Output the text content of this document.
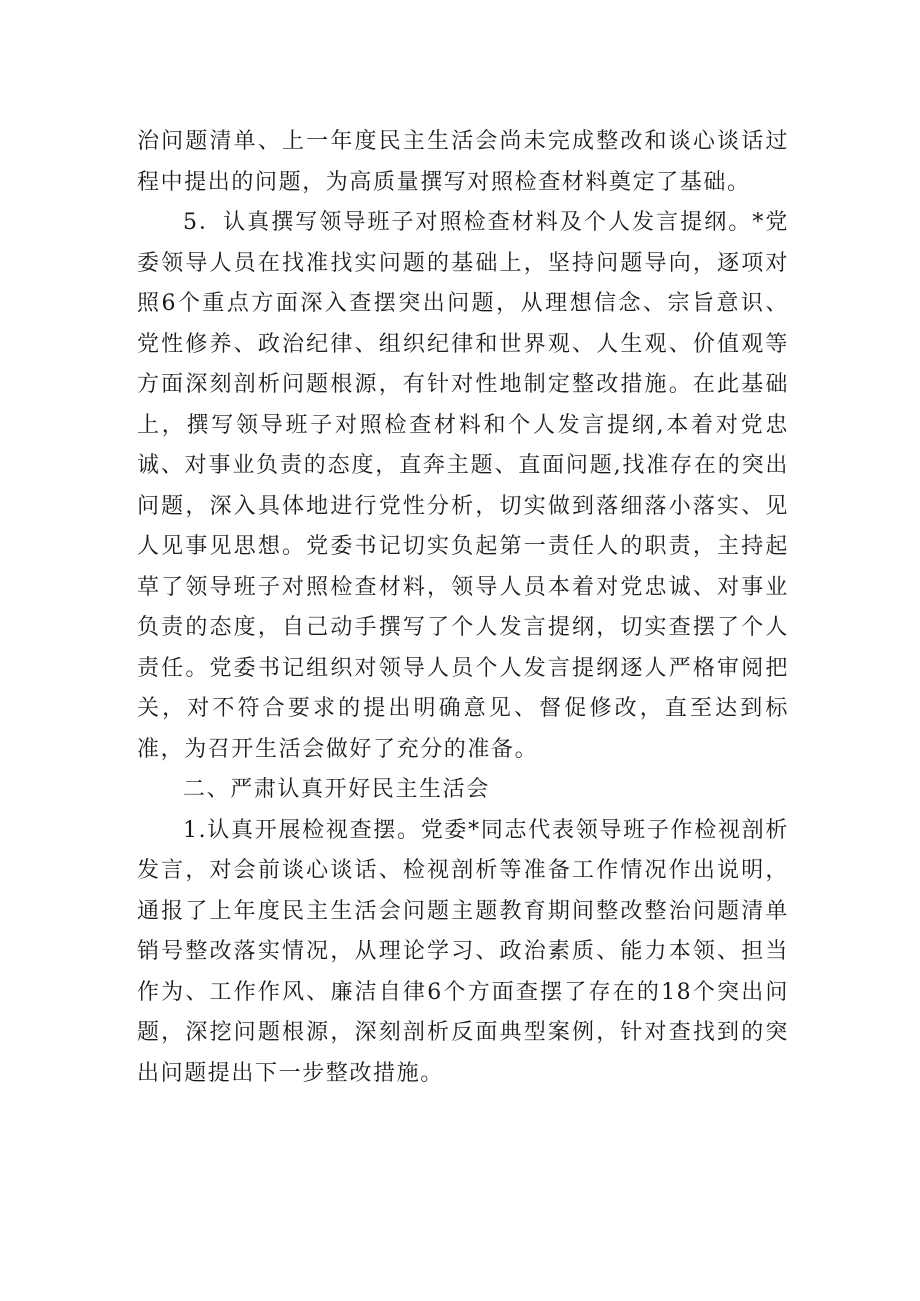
治问题清单、上一年度民主生活会尚未完成整改和谈心谈话过程中提出的问题，为高质量撰写对照检查材料奠定了基础。

5．认真撰写领导班子对照检查材料及个人发言提纲。*党委领导人员在找准找实问题的基础上，坚持问题导向，逐项对照6个重点方面深入查摆突出问题，从理想信念、宗旨意识、党性修养、政治纪律、组织纪律和世界观、人生观、价值观等方面深刻剖析问题根源，有针对性地制定整改措施。在此基础上，撰写领导班子对照检查材料和个人发言提纲,本着对党忠诚、对事业负责的态度，直奔主题、直面问题,找准存在的突出问题，深入具体地进行党性分析，切实做到落细落小落实、见人见事见思想。党委书记切实负起第一责任人的职责，主持起草了领导班子对照检查材料，领导人员本着对党忠诚、对事业负责的态度，自己动手撰写了个人发言提纲，切实查摆了个人责任。党委书记组织对领导人员个人发言提纲逐人严格审阅把关，对不符合要求的提出明确意见、督促修改，直至达到标准，为召开生活会做好了充分的准备。

二、严肃认真开好民主生活会

1.认真开展检视查摆。党委*同志代表领导班子作检视剖析发言，对会前谈心谈话、检视剖析等准备工作情况作出说明，通报了上年度民主生活会问题主题教育期间整改整治问题清单销号整改落实情况，从理论学习、政治素质、能力本领、担当作为、工作作风、廉洁自律6个方面查摆了存在的18个突出问题，深挖问题根源，深刻剖析反面典型案例，针对查找到的突出问题提出下一步整改措施。
